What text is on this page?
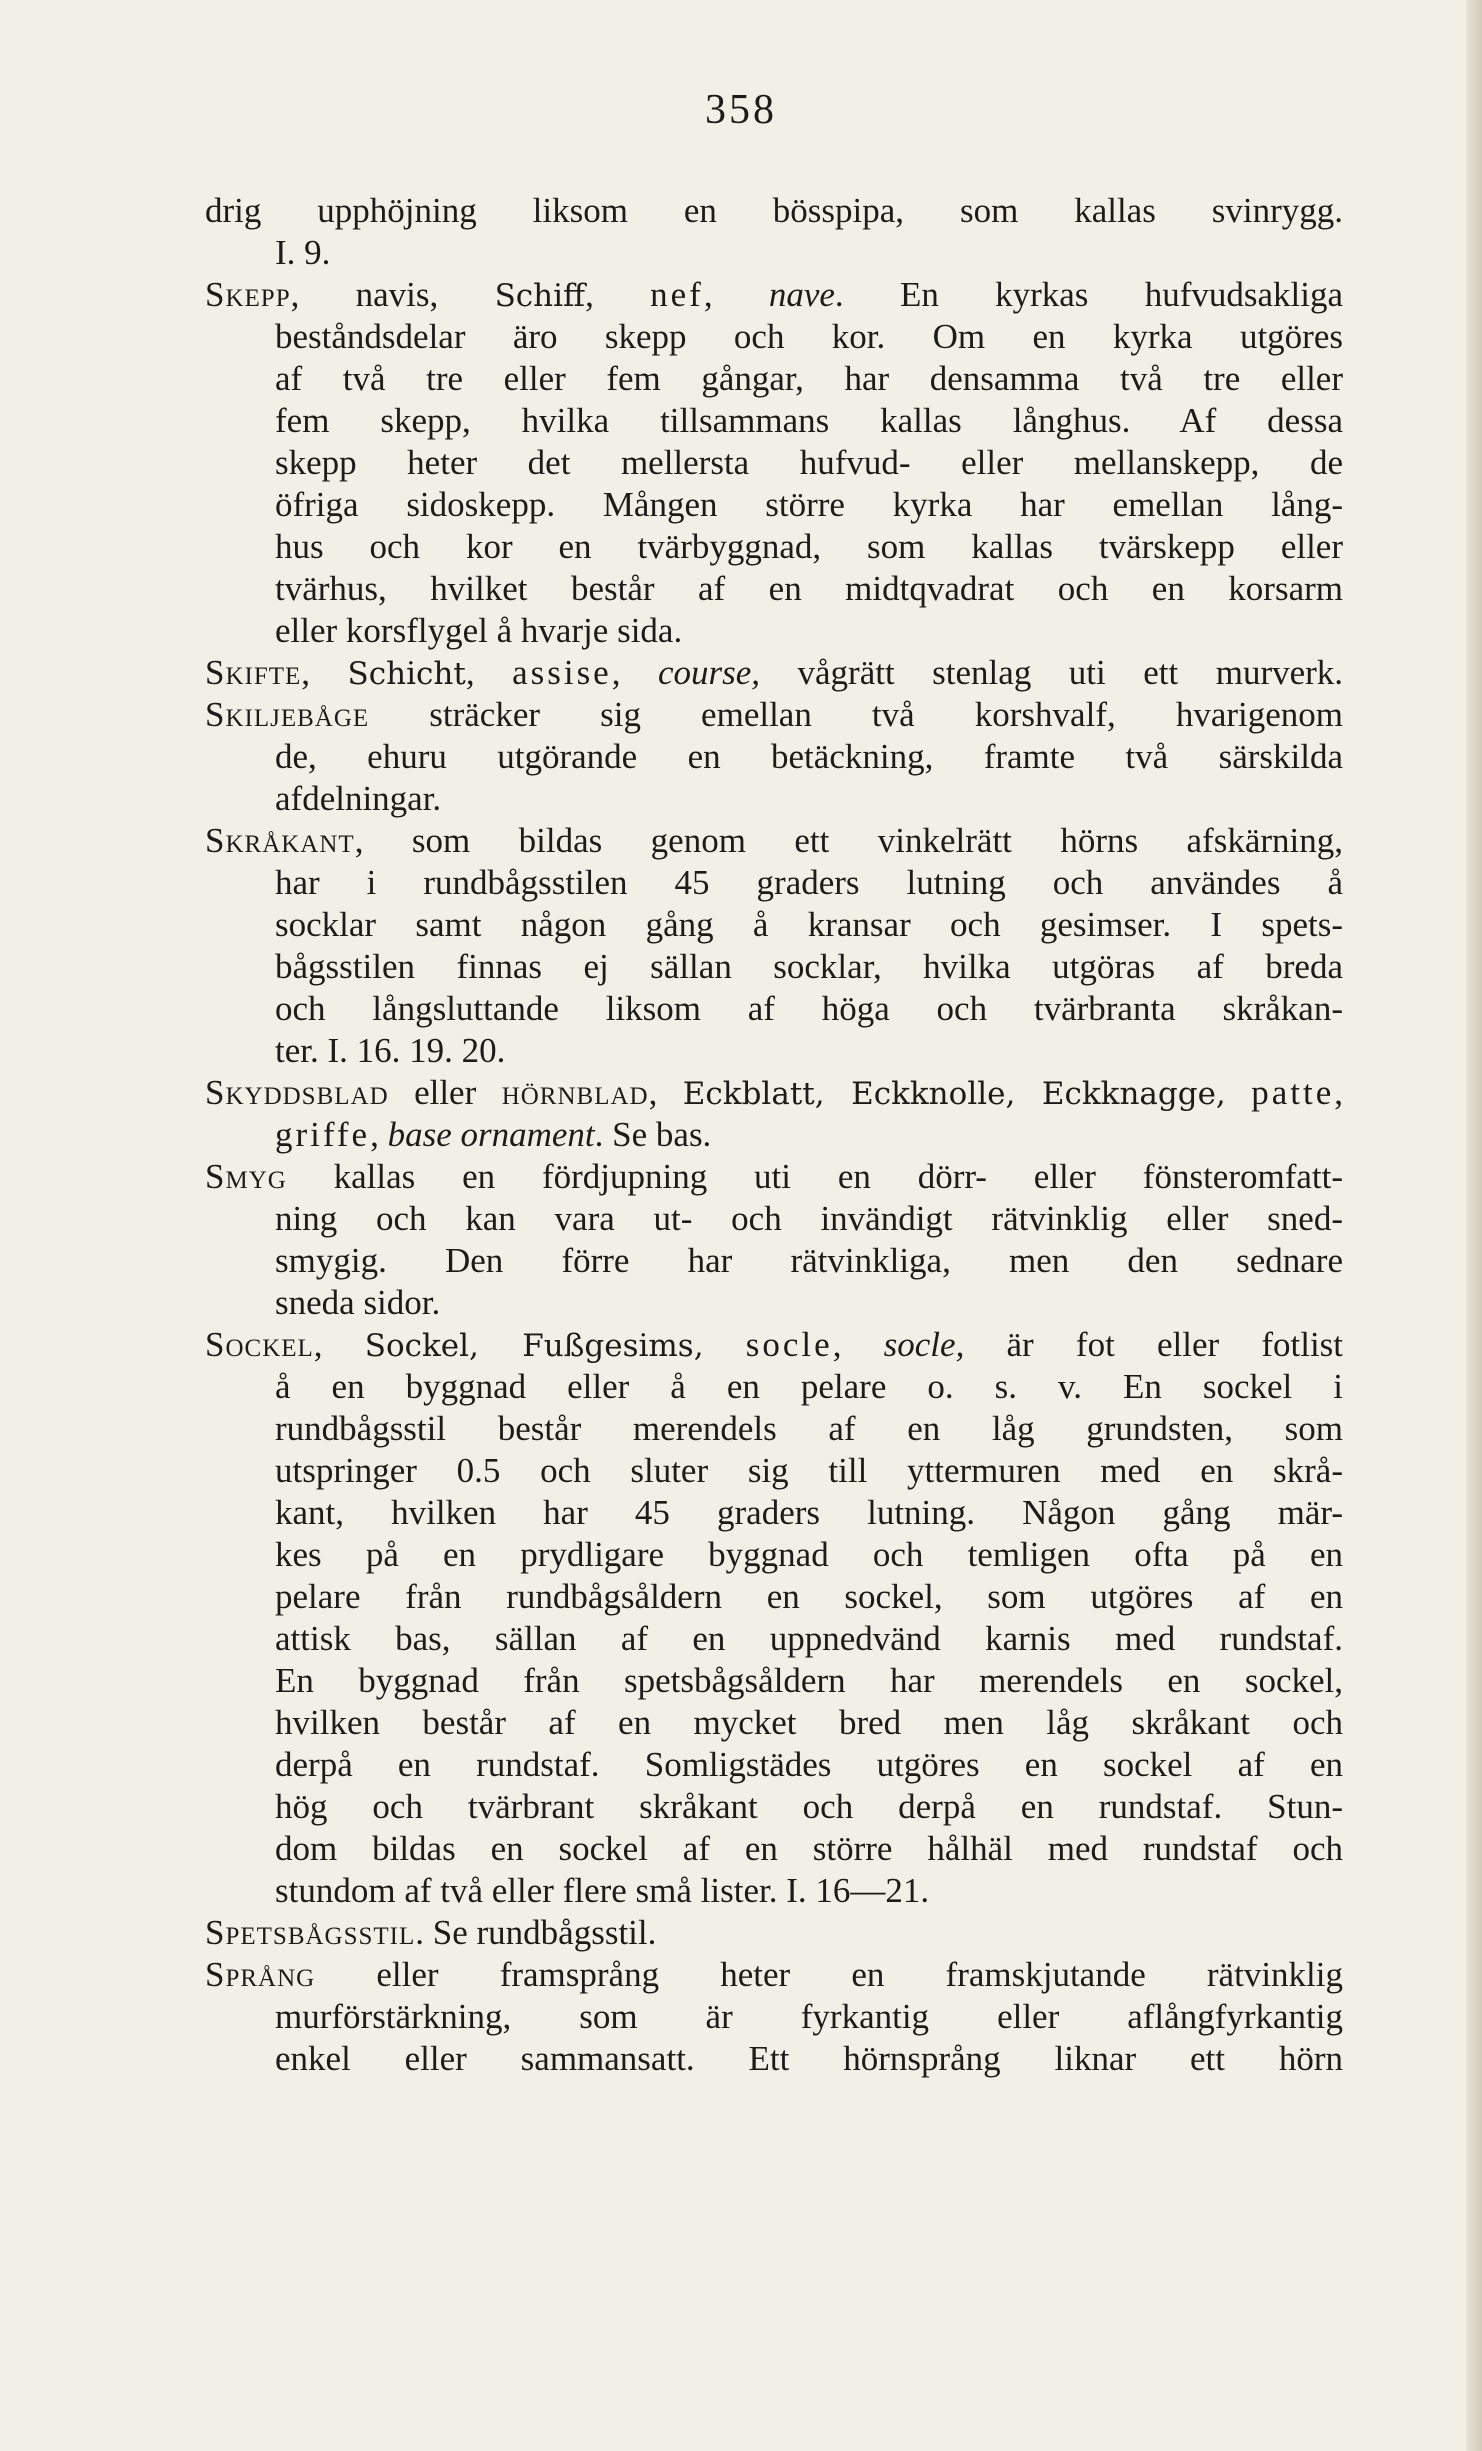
358
drig upphöjning liksom en bösspipa, som kallas svinrygg.
I. 9.
Skepp, navis, Schiff, nef, nave. En kyrkas hufvudsakliga
beståndsdelar äro skepp och kor. Om en kyrka utgöres
af två tre eller fem gångar, har densamma två tre eller
fem skepp, hvilka tillsammans kallas långhus. Af dessa
skepp heter det mellersta hufvud- eller mellanskepp, de
öfriga sidoskepp. Mången större kyrka har emellan lång-
hus och kor en tvärbyggnad, som kallas tvärskepp eller
tvärhus, hvilket består af en midtqvadrat och en korsarm
eller korsflygel å hvarje sida.
Skifte, Schicht, assise, course, vågrätt stenlag uti ett murverk.
Skiljebåge sträcker sig emellan två korshvalf, hvarigenom
de, ehuru utgörande en betäckning, framte två särskilda
afdelningar.
Skråkant, som bildas genom ett vinkelrätt hörns afskärning,
har i rundbågsstilen 45 graders lutning och användes å
socklar samt någon gång å kransar och gesimser. I spets-
bågsstilen finnas ej sällan socklar, hvilka utgöras af breda
och långsluttande liksom af höga och tvärbranta skråkan-
ter. I. 16. 19. 20.
Skyddsblad eller hörnblad, Eckblatt, Eckknolle, Eckknagge, patte,
griffe, base ornament. Se bas.
Smyg kallas en fördjupning uti en dörr- eller fönsteromfatt-
ning och kan vara ut- och invändigt rätvinklig eller sned-
smygig. Den förre har rätvinkliga, men den sednare
sneda sidor.
Sockel, Sockel, Fußgesims, socle, socle, är fot eller fotlist
å en byggnad eller å en pelare o. s. v. En sockel i
rundbågsstil består merendels af en låg grundsten, som
utspringer 0.5 och sluter sig till yttermuren med en skrå-
kant, hvilken har 45 graders lutning. Någon gång mär-
kes på en prydligare byggnad och temligen ofta på en
pelare från rundbågsåldern en sockel, som utgöres af en
attisk bas, sällan af en uppnedvänd karnis med rundstaf.
En byggnad från spetsbågsåldern har merendels en sockel,
hvilken består af en mycket bred men låg skråkant och
derpå en rundstaf. Somligstädes utgöres en sockel af en
hög och tvärbrant skråkant och derpå en rundstaf. Stun-
dom bildas en sockel af en större hålhäl med rundstaf och
stundom af två eller flere små lister. I. 16—21.
Spetsbågsstil. Se rundbågsstil.
Språng eller framsprång heter en framskjutande rätvinklig
murförstärkning, som är fyrkantig eller aflångfyrkantig
enkel eller sammansatt. Ett hörnsprång liknar ett hörn
